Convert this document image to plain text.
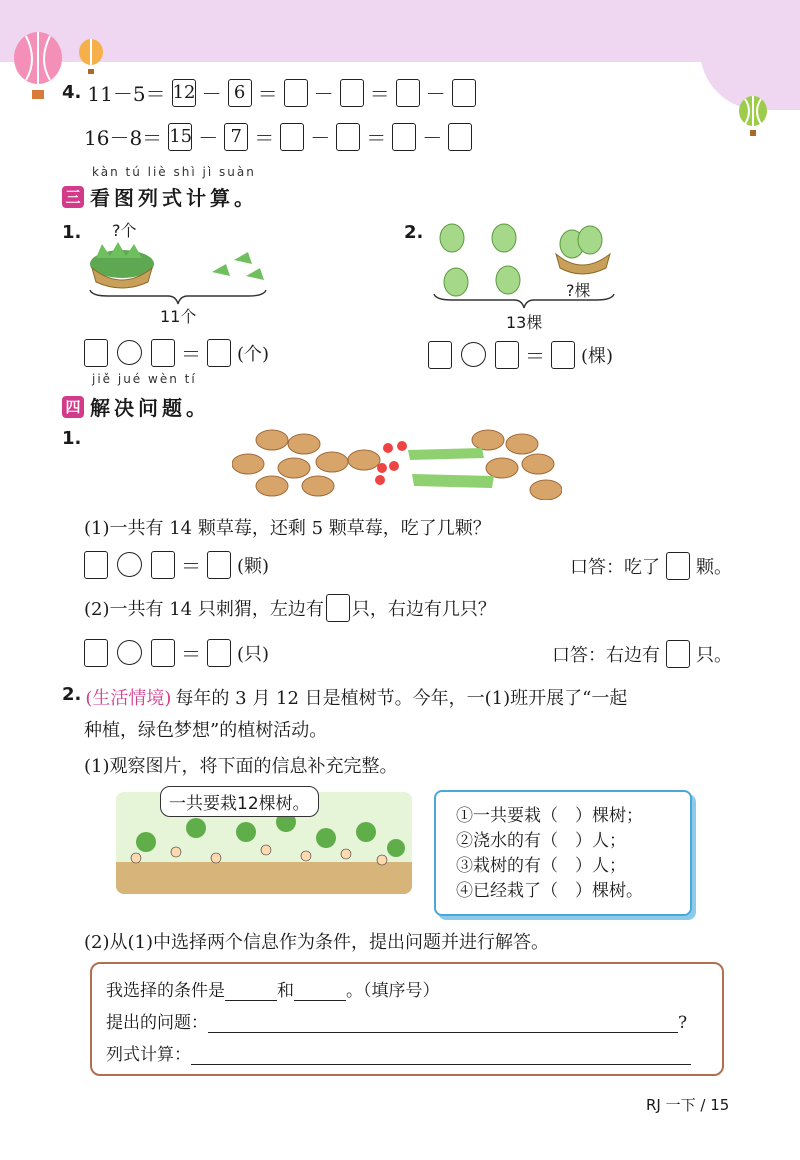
4. 11－5＝ 12 － 6 ＝ － ＝ －
16－8＝ 15 － 7 ＝ － ＝ －
kàn tú liè shì jì suàn
三 看图列式计算。
1. ?个
11个
＝ (个)
2.
?棵
13棵
＝ (棵)
jiě jué wèn tí
四 解决问题。
1.
(1)一共有 14 颗草莓，还剩 5 颗草莓，吃了几颗？
＝ (颗)	口答：吃了 颗。
(2)一共有 14 只刺猬，左边有 只，右边有几只？
＝ (只)	口答：右边有 只。
2. (生活情境) 每年的 3 月 12 日是植树节。今年，一(1)班开展了“一起
种植，绿色梦想”的植树活动。
(1)观察图片，将下面的信息补充完整。
一共要栽12棵树。
①一共要栽（　）棵树；
②浇水的有（　）人；
③栽树的有（　）人；
④已经栽了（　）棵树。
(2)从(1)中选择两个信息作为条件，提出问题并进行解答。
我选择的条件是	和	。（填序号）
提出的问题：	?
列式计算：
RJ 一下 / 15
